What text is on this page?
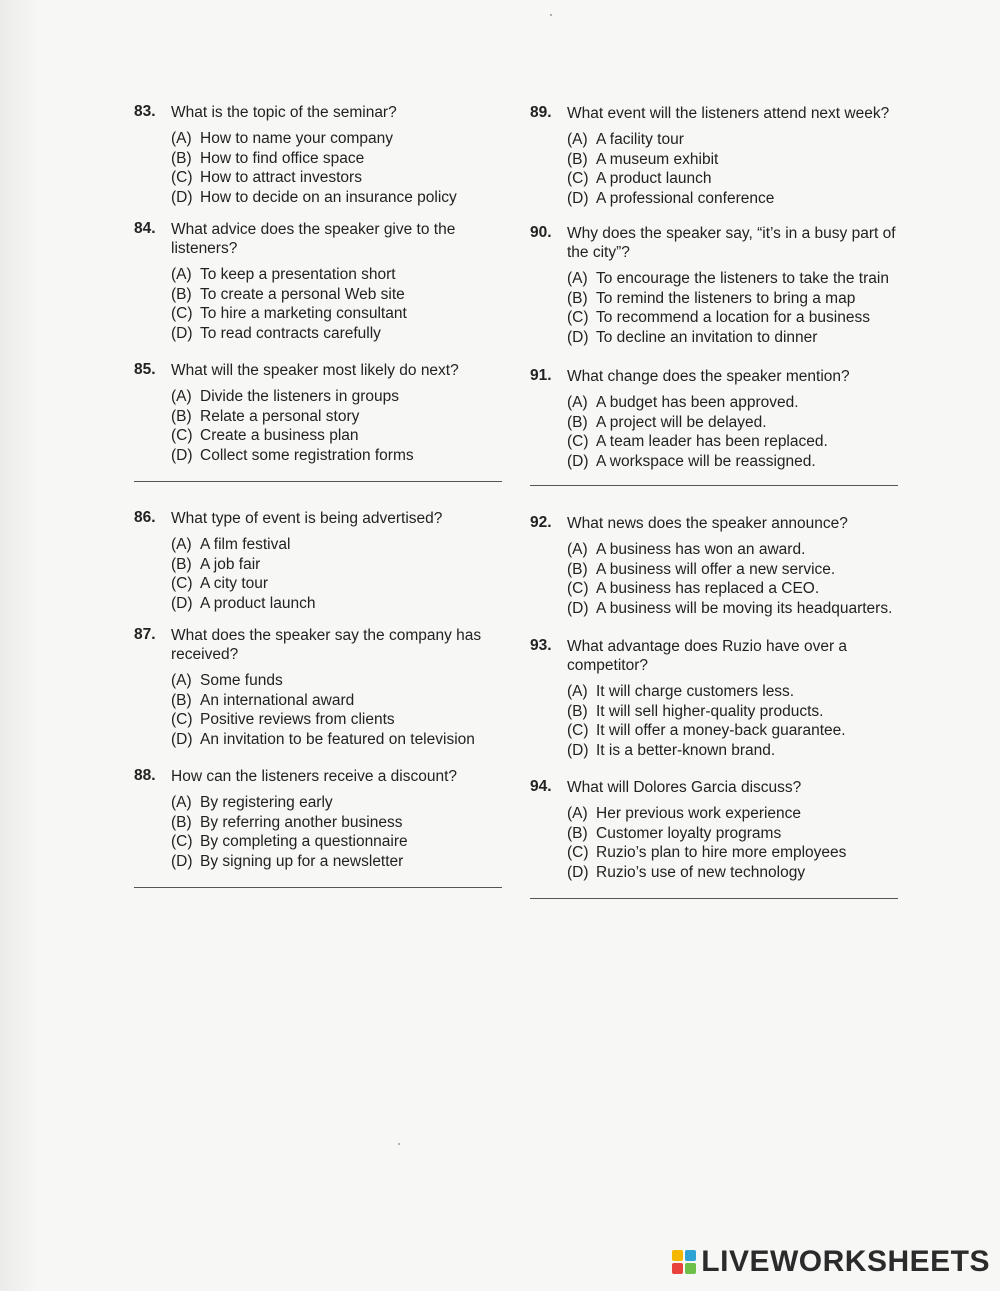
83. What is the topic of the seminar?
(A) How to name your company
(B) How to find office space
(C) How to attract investors
(D) How to decide on an insurance policy
84. What advice does the speaker give to the listeners?
(A) To keep a presentation short
(B) To create a personal Web site
(C) To hire a marketing consultant
(D) To read contracts carefully
85. What will the speaker most likely do next?
(A) Divide the listeners in groups
(B) Relate a personal story
(C) Create a business plan
(D) Collect some registration forms
86. What type of event is being advertised?
(A) A film festival
(B) A job fair
(C) A city tour
(D) A product launch
87. What does the speaker say the company has received?
(A) Some funds
(B) An international award
(C) Positive reviews from clients
(D) An invitation to be featured on television
88. How can the listeners receive a discount?
(A) By registering early
(B) By referring another business
(C) By completing a questionnaire
(D) By signing up for a newsletter
89. What event will the listeners attend next week?
(A) A facility tour
(B) A museum exhibit
(C) A product launch
(D) A professional conference
90. Why does the speaker say, “it’s in a busy part of the city”?
(A) To encourage the listeners to take the train
(B) To remind the listeners to bring a map
(C) To recommend a location for a business
(D) To decline an invitation to dinner
91. What change does the speaker mention?
(A) A budget has been approved.
(B) A project will be delayed.
(C) A team leader has been replaced.
(D) A workspace will be reassigned.
92. What news does the speaker announce?
(A) A business has won an award.
(B) A business will offer a new service.
(C) A business has replaced a CEO.
(D) A business will be moving its headquarters.
93. What advantage does Ruzio have over a competitor?
(A) It will charge customers less.
(B) It will sell higher-quality products.
(C) It will offer a money-back guarantee.
(D) It is a better-known brand.
94. What will Dolores Garcia discuss?
(A) Her previous work experience
(B) Customer loyalty programs
(C) Ruzio’s plan to hire more employees
(D) Ruzio’s use of new technology
LIVEWORKSHEETS
